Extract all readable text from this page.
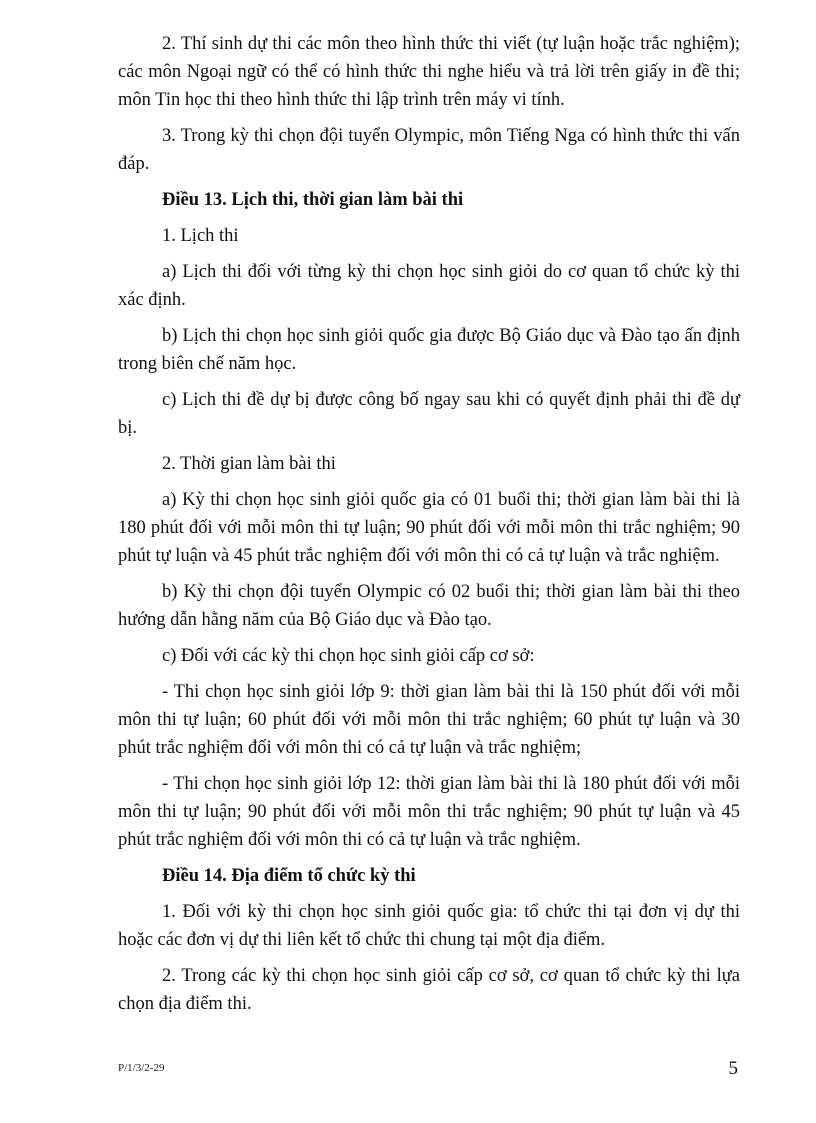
2. Thí sinh dự thi các môn theo hình thức thi viết (tự luận hoặc trắc nghiệm); các môn Ngoại ngữ có thể có hình thức thi nghe hiểu và trả lời trên giấy in đề thi; môn Tin học thi theo hình thức thi lập trình trên máy vi tính.

3. Trong kỳ thi chọn đội tuyển Olympic, môn Tiếng Nga có hình thức thi vấn đáp.

Điều 13. Lịch thi, thời gian làm bài thi

1. Lịch thi

a) Lịch thi đối với từng kỳ thi chọn học sinh giỏi do cơ quan tổ chức kỳ thi xác định.

b) Lịch thi chọn học sinh giỏi quốc gia được Bộ Giáo dục và Đào tạo ấn định trong biên chế năm học.

c) Lịch thi đề dự bị được công bố ngay sau khi có quyết định phải thi đề dự bị.

2. Thời gian làm bài thi

a) Kỳ thi chọn học sinh giỏi quốc gia có 01 buổi thi; thời gian làm bài thi là 180 phút đối với mỗi môn thi tự luận; 90 phút đối với mỗi môn thi trắc nghiệm; 90 phút tự luận và 45 phút trắc nghiệm đối với môn thi có cả tự luận và trắc nghiệm.

b) Kỳ thi chọn đội tuyển Olympic có 02 buổi thi; thời gian làm bài thi theo hướng dẫn hằng năm của Bộ Giáo dục và Đào tạo.

c) Đối với các kỳ thi chọn học sinh giỏi cấp cơ sở:

- Thi chọn học sinh giỏi lớp 9: thời gian làm bài thi là 150 phút đối với mỗi môn thi tự luận; 60 phút đối với mỗi môn thi trắc nghiệm; 60 phút tự luận và 30 phút trắc nghiệm đối với môn thi có cả tự luận và trắc nghiệm;

- Thi chọn học sinh giỏi lớp 12: thời gian làm bài thi là 180 phút đối với mỗi môn thi tự luận; 90 phút đối với mỗi môn thi trắc nghiệm; 90 phút tự luận và 45 phút trắc nghiệm đối với môn thi có cả tự luận và trắc nghiệm.

Điều 14. Địa điểm tổ chức kỳ thi

1. Đối với kỳ thi chọn học sinh giỏi quốc gia: tổ chức thi tại đơn vị dự thi hoặc các đơn vị dự thi liên kết tổ chức thi chung tại một địa điểm.

2. Trong các kỳ thi chọn học sinh giỏi cấp cơ sở, cơ quan tổ chức kỳ thi lựa chọn địa điểm thi.

P/1/3/2-29	5
